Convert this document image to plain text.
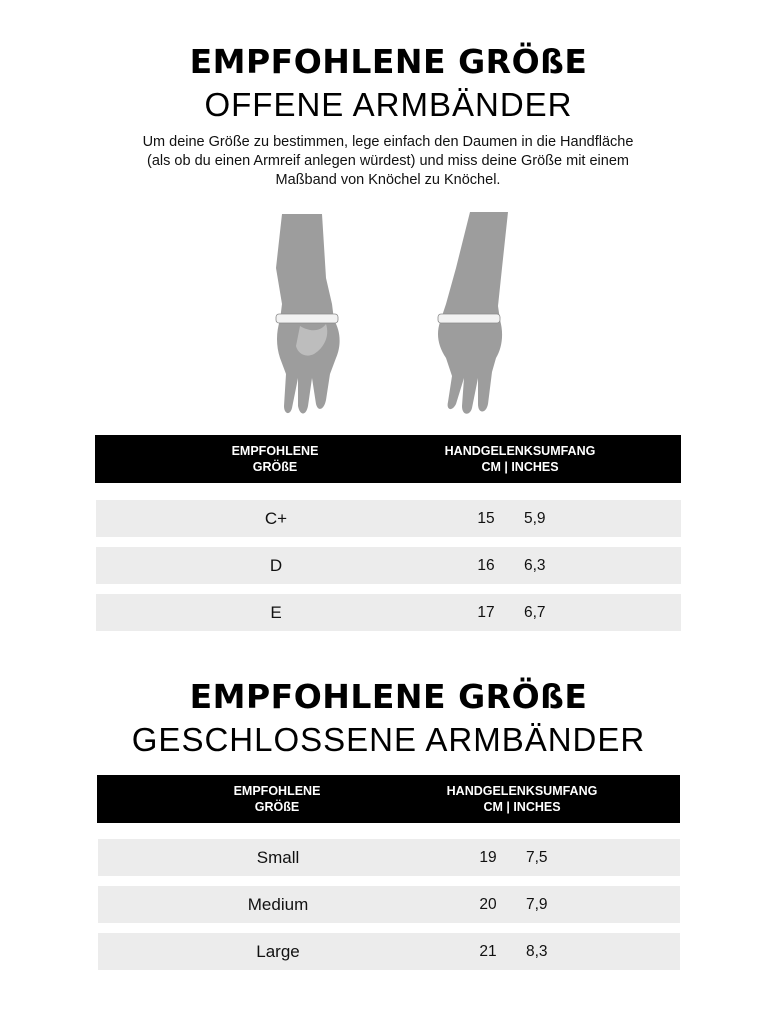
EMPFOHLENE GRÖßE
OFFENE ARMBÄNDER
Um deine Größe zu bestimmen, lege einfach den Daumen in die Handfläche
(als ob du einen Armreif anlegen würdest) und miss deine Größe mit einem
Maßband von Knöchel zu Knöchel.
EMPFOHLENE
GRÖßE
HANDGELENKSUMFANG
CM | INCHES
C+	15 5,9
D	16 6,3
E	17 6,7
EMPFOHLENE GRÖßE
GESCHLOSSENE ARMBÄNDER
EMPFOHLENE
GRÖßE
HANDGELENKSUMFANG
CM | INCHES
Small	19 7,5
Medium	20 7,9
Large	21 8,3
